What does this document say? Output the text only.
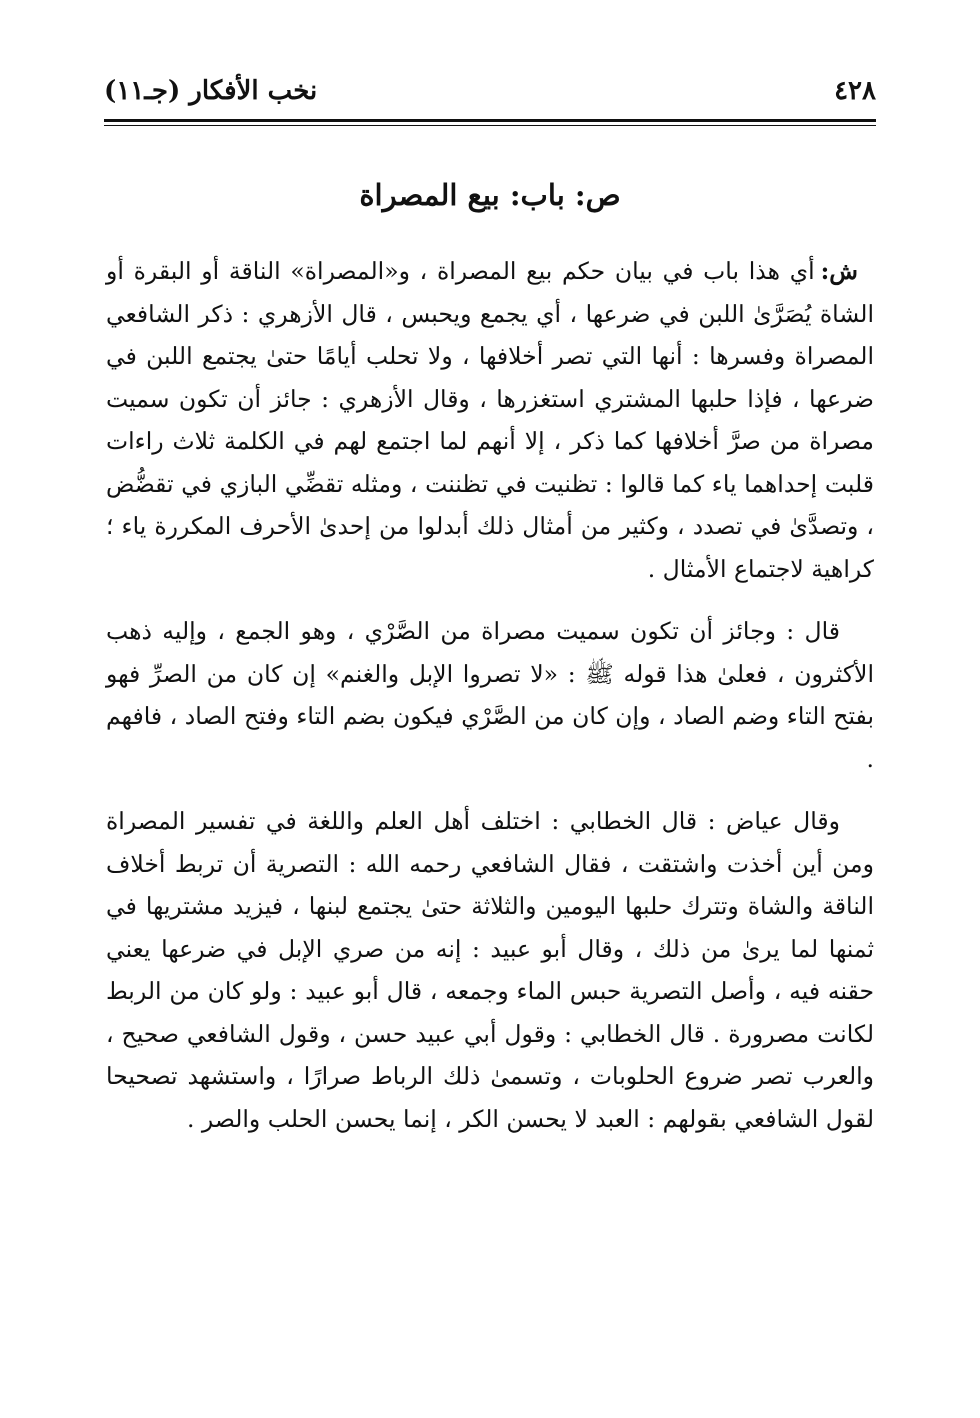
٤٢٨
نخب الأفكار (جـ١١)
ص: باب: بيع المصراة

ش:أي هذا باب في بيان حكم بيع المصراة ، و«المصراة» الناقة أو البقرة أو الشاة يُصَرَّىٰ اللبن في ضرعها ، أي يجمع ويحبس ، قال الأزهري : ذكر الشافعي المصراة وفسرها : أنها التي تصر أخلافها ، ولا تحلب أيامًا حتىٰ يجتمع اللبن في ضرعها ، فإذا حلبها المشتري استغزرها ، وقال الأزهري : جائز أن تكون سميت مصراة من صرَّ أخلافها كما ذكر ، إلا أنهم لما اجتمع لهم في الكلمة ثلاث راءات قلبت إحداهما ياء كما قالوا : تظنيت في تظننت ، ومثله تقضِّي البازي في تقضُّض ، وتصدَّىٰ في تصدد ، وكثير من أمثال ذلك أبدلوا من إحدىٰ الأحرف المكررة ياء ؛ كراهية لاجتماع الأمثال .

قال : وجائز أن تكون سميت مصراة من الصَّرْي ، وهو الجمع ، وإليه ذهب الأكثرون ، فعلىٰ هذا قوله ﷺ : «لا تصروا الإبل والغنم» إن كان من الصرِّ فهو بفتح التاء وضم الصاد ، وإن كان من الصَّرْي فيكون بضم التاء وفتح الصاد ، فافهم .

وقال عياض : قال الخطابي : اختلف أهل العلم واللغة في تفسير المصراة ومن أين أخذت واشتقت ، فقال الشافعي رحمه الله : التصرية أن تربط أخلاف الناقة والشاة وتترك حلبها اليومين والثلاثة حتىٰ يجتمع لبنها ، فيزيد مشتريها في ثمنها لما يرىٰ من ذلك ، وقال أبو عبيد : إنه من صري الإبل في ضرعها يعني حقنه فيه ، وأصل التصرية حبس الماء وجمعه ، قال أبو عبيد : ولو كان من الربط لكانت مصرورة . قال الخطابي : وقول أبي عبيد حسن ، وقول الشافعي صحيح ، والعرب تصر ضروع الحلوبات ، وتسمىٰ ذلك الرباط صرارًا ، واستشهد تصحيحا لقول الشافعي بقولهم : العبد لا يحسن الكر ، إنما يحسن الحلب والصر .
